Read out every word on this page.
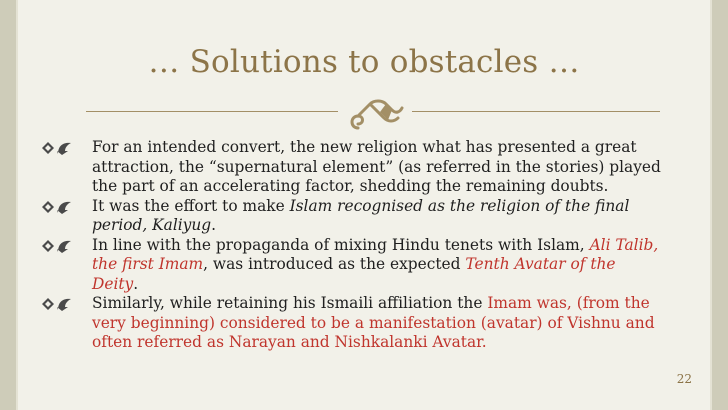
… Solutions to obstacles …
For an intended convert, the new religion what has presented a great attraction, the “supernatural element” (as referred in the stories) played the part of an accelerating factor, shedding the remaining doubts.
It was the effort to make Islam recognised as the religion of the final period, Kaliyug.
In line with the propaganda of mixing Hindu tenets with Islam, Ali Talib, the first Imam, was introduced as the expected Tenth Avatar of the Deity.
Similarly, while retaining his Ismaili affiliation the Imam was, (from the very beginning) considered to be a manifestation (avatar) of Vishnu and often referred as Narayan and Nishkalanki Avatar.
22
